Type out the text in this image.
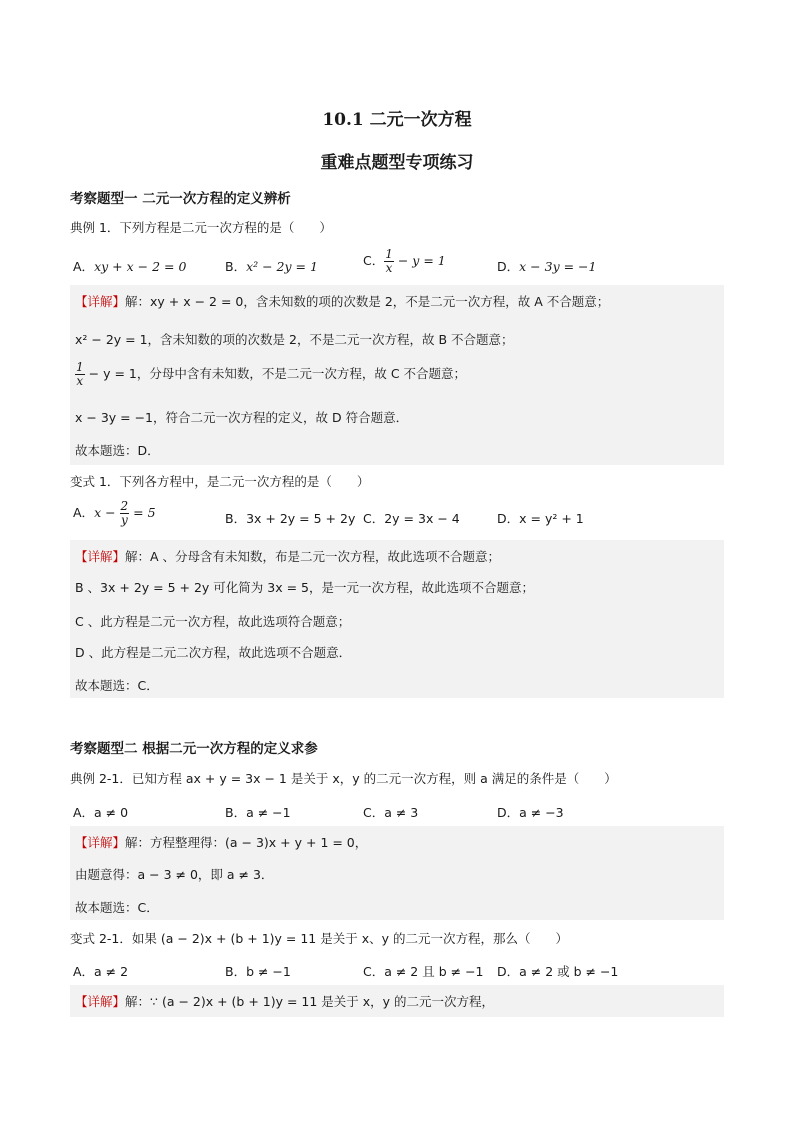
10.1 二元一次方程
重难点题型专项练习
考察题型一 二元一次方程的定义辨析
典例 1．下列方程是二元一次方程的是（　　）
A．xy + x − 2 = 0	B．x² − 2y = 1	C． $\frac{1}{x} - y = 1$	D．x − 3y = −1
【详解】解：xy + x − 2 = 0，含未知数的项的次数是 2，不是二元一次方程，故 A 不合题意；
x² − 2y = 1，含未知数的项的次数是 2，不是二元一次方程，故 B 不合题意；
$\frac{1}{x} - y = 1$，分母中含有未知数，不是二元一次方程，故 C 不合题意；
x − 3y = −1，符合二元一次方程的定义，故 D 符合题意．
故本题选：D．
变式 1．下列各方程中，是二元一次方程的是（　　）
A．$x - \frac{2}{y} = 5$	B．3x + 2y = 5 + 2y C．2y = 3x − 4	D．x = y² + 1
【详解】解：A 、分母含有未知数，布是二元一次方程，故此选项不合题意；
B 、3x + 2y = 5 + 2y 可化简为 3x = 5，是一元一次方程，故此选项不合题意；
C 、此方程是二元一次方程，故此选项符合题意；
D 、此方程是二元二次方程，故此选项不合题意．
故本题选：C．
考察题型二 根据二元一次方程的定义求参
典例 2-1．已知方程 ax + y = 3x − 1 是关于 x，y 的二元一次方程，则 a 满足的条件是（　　）
A．a ≠ 0	B．a ≠ −1	C．a ≠ 3	D．a ≠ −3
【详解】解：方程整理得：(a − 3)x + y + 1 = 0，
由题意得：a − 3 ≠ 0，即 a ≠ 3．
故本题选：C．
变式 2-1．如果 (a − 2)x + (b + 1)y = 11 是关于 x、y 的二元一次方程，那么（　　）
A．a ≠ 2	B．b ≠ −1	C．a ≠ 2 且 b ≠ −1 D．a ≠ 2 或 b ≠ −1
【详解】解：∵ (a − 2)x + (b + 1)y = 11 是关于 x，y 的二元一次方程，
